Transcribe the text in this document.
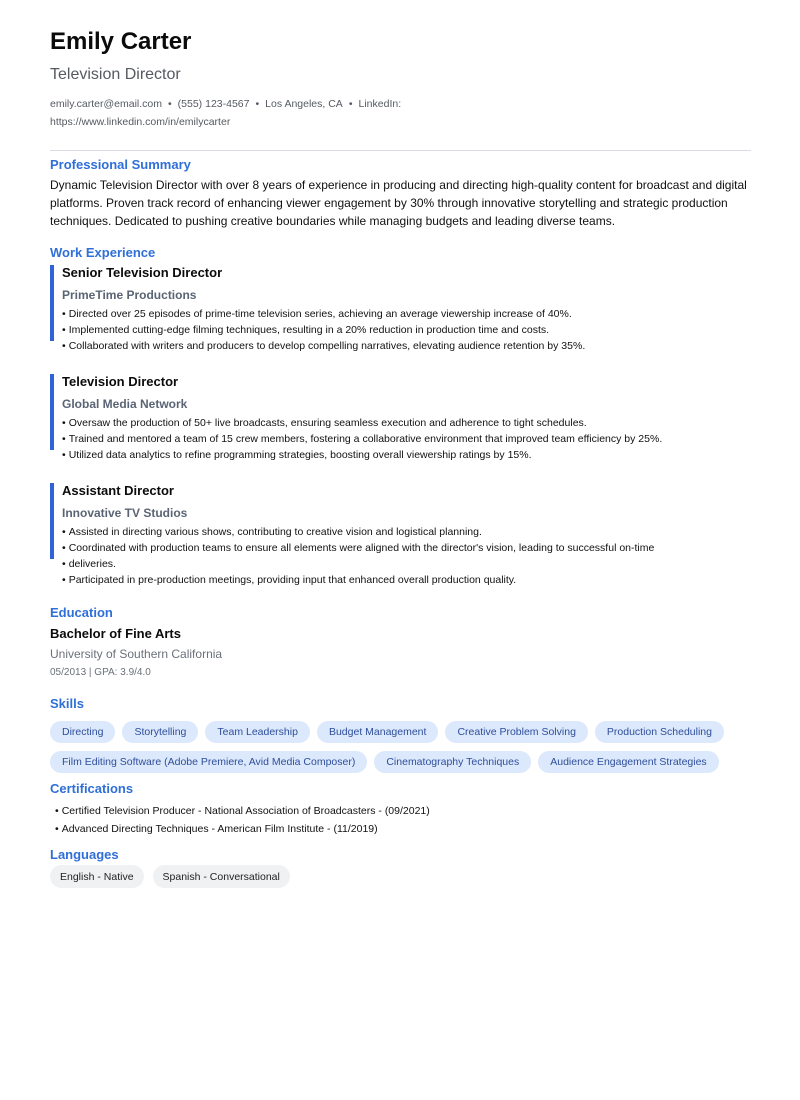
Emily Carter
Television Director
emily.carter@email.com • (555) 123-4567 • Los Angeles, CA • LinkedIn:
https://www.linkedin.com/in/emilycarter
Professional Summary
Dynamic Television Director with over 8 years of experience in producing and directing high-quality content for broadcast and digital platforms. Proven track record of enhancing viewer engagement by 30% through innovative storytelling and strategic production techniques. Dedicated to pushing creative boundaries while managing budgets and leading diverse teams.
Work Experience
Senior Television Director
PrimeTime Productions
• Directed over 25 episodes of prime-time television series, achieving an average viewership increase of 40%.
• Implemented cutting-edge filming techniques, resulting in a 20% reduction in production time and costs.
• Collaborated with writers and producers to develop compelling narratives, elevating audience retention by 35%.
Television Director
Global Media Network
• Oversaw the production of 50+ live broadcasts, ensuring seamless execution and adherence to tight schedules.
• Trained and mentored a team of 15 crew members, fostering a collaborative environment that improved team efficiency by 25%.
• Utilized data analytics to refine programming strategies, boosting overall viewership ratings by 15%.
Assistant Director
Innovative TV Studios
• Assisted in directing various shows, contributing to creative vision and logistical planning.
• Coordinated with production teams to ensure all elements were aligned with the director's vision, leading to successful on-time
• deliveries.
• Participated in pre-production meetings, providing input that enhanced overall production quality.
Education
Bachelor of Fine Arts
University of Southern California
05/2013 | GPA: 3.9/4.0
Skills
Directing	Storytelling	Team Leadership	Budget Management	Creative Problem Solving	Production Scheduling
Film Editing Software (Adobe Premiere, Avid Media Composer)	Cinematography Techniques	Audience Engagement Strategies
Certifications
• Certified Television Producer - National Association of Broadcasters - (09/2021)
• Advanced Directing Techniques - American Film Institute - (11/2019)
Languages
English - Native	Spanish - Conversational
